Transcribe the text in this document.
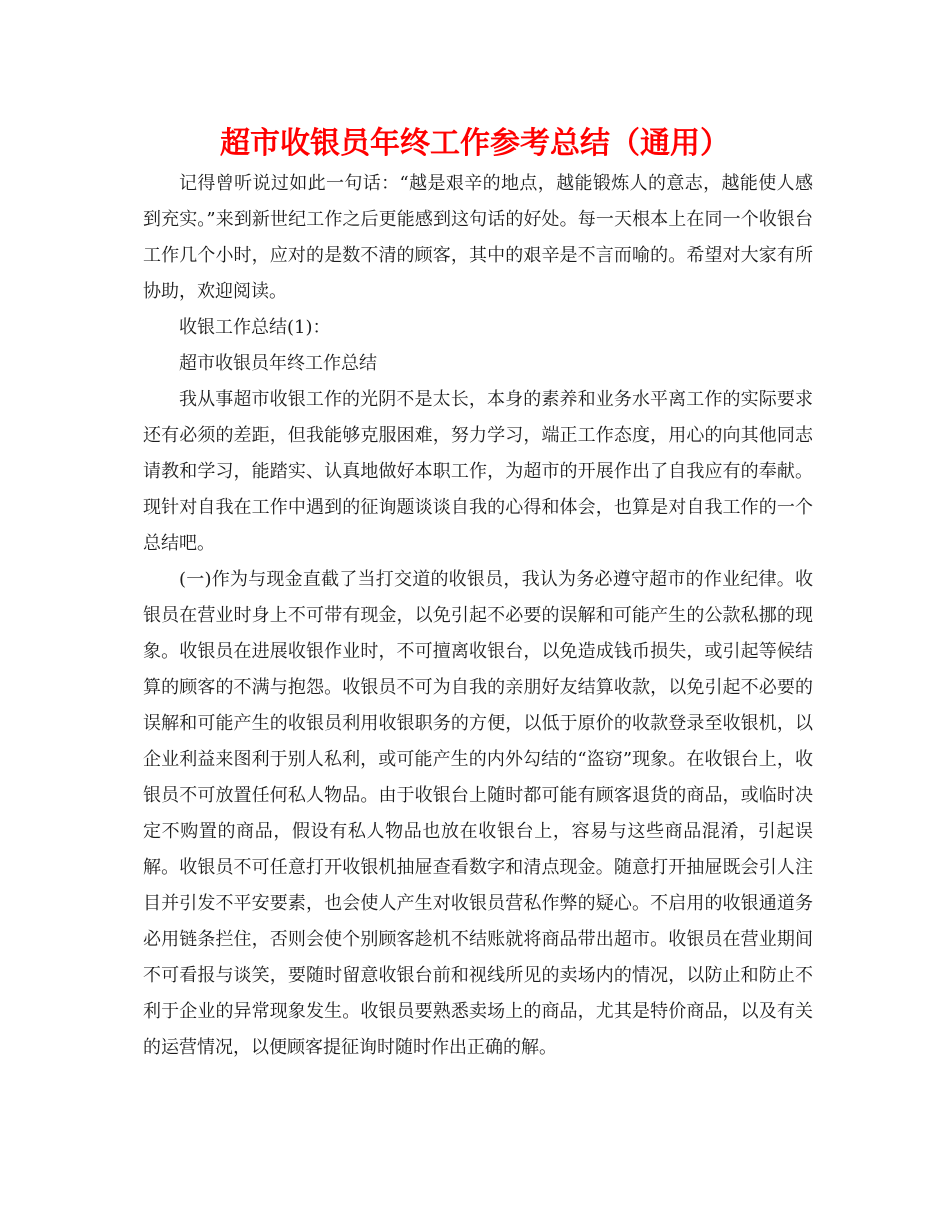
超市收银员年终工作参考总结（通用）

记得曾听说过如此一句话：“越是艰辛的地点，越能锻炼人的意志，越能使人感到充实。”来到新世纪工作之后更能感到这句话的好处。每一天根本上在同一个收银台工作几个小时，应对的是数不清的顾客，其中的艰辛是不言而喻的。希望对大家有所协助，欢迎阅读。

收银工作总结(1)：

超市收银员年终工作总结

我从事超市收银工作的光阴不是太长，本身的素养和业务水平离工作的实际要求还有必须的差距，但我能够克服困难，努力学习，端正工作态度，用心的向其他同志请教和学习，能踏实、认真地做好本职工作，为超市的开展作出了自我应有的奉献。现针对自我在工作中遇到的征询题谈谈自我的心得和体会，也算是对自我工作的一个总结吧。

(一)作为与现金直截了当打交道的收银员，我认为务必遵守超市的作业纪律。收银员在营业时身上不可带有现金，以免引起不必要的误解和可能产生的公款私挪的现象。收银员在进展收银作业时，不可擅离收银台，以免造成钱币损失，或引起等候结算的顾客的不满与抱怨。收银员不可为自我的亲朋好友结算收款，以免引起不必要的误解和可能产生的收银员利用收银职务的方便，以低于原价的收款登录至收银机，以企业利益来图利于别人私利，或可能产生的内外勾结的“盗窃”现象。在收银台上，收银员不可放置任何私人物品。由于收银台上随时都可能有顾客退货的商品，或临时决定不购置的商品，假设有私人物品也放在收银台上，容易与这些商品混淆，引起误解。收银员不可任意打开收银机抽屉查看数字和清点现金。随意打开抽屉既会引人注目并引发不平安要素，也会使人产生对收银员营私作弊的疑心。不启用的收银通道务必用链条拦住，否则会使个别顾客趁机不结账就将商品带出超市。收银员在营业期间不可看报与谈笑，要随时留意收银台前和视线所见的卖场内的情况，以防止和防止不利于企业的异常现象发生。收银员要熟悉卖场上的商品，尤其是特价商品，以及有关的运营情况，以便顾客提征询时随时作出正确的解。
